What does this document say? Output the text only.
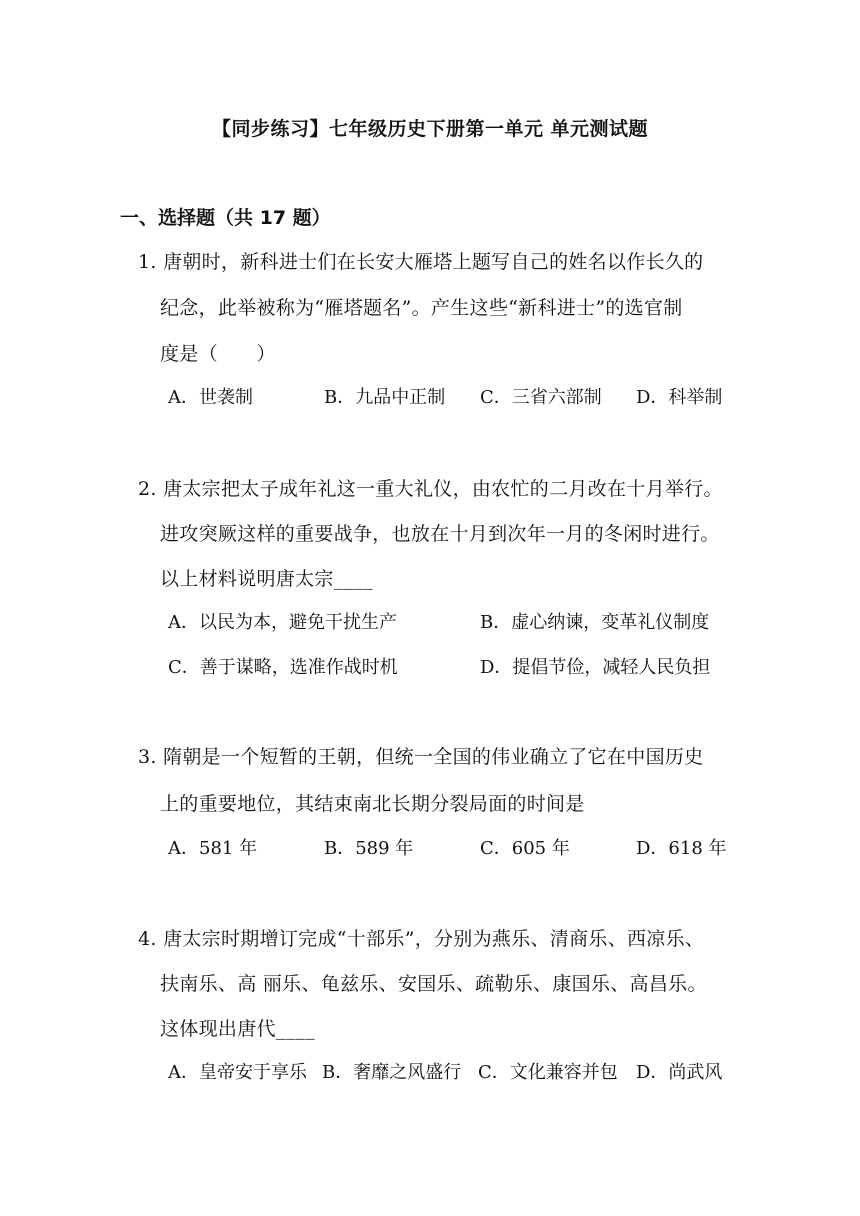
【同步练习】七年级历史下册第一单元 单元测试题
一、选择题（共 17 题）
1. 唐朝时，新科进士们在长安大雁塔上题写自己的姓名以作长久的
纪念，此举被称为“雁塔题名”。产生这些“新科进士”的选官制
度是（　　）
A．世袭制	B．九品中正制 C．三省六部制 D．科举制
2. 唐太宗把太子成年礼这一重大礼仪，由农忙的二月改在十月举行。
进攻突厥这样的重要战争，也放在十月到次年一月的冬闲时进行。
以上材料说明唐太宗____
A．以民为本，避免干扰生产	B．虚心纳谏，变革礼仪制度
C．善于谋略，选准作战时机	D．提倡节俭，减轻人民负担
3. 隋朝是一个短暂的王朝，但统一全国的伟业确立了它在中国历史
上的重要地位，其结束南北长期分裂局面的时间是
A．581 年	B．589 年	C．605 年	D．618 年
4. 唐太宗时期增订完成“十部乐”，分别为燕乐、清商乐、西凉乐、
扶南乐、高 丽乐、龟兹乐、安国乐、疏勒乐、康国乐、高昌乐。
这体现出唐代____
A．皇帝安于享乐 B．奢靡之风盛行 C．文化兼容并包 D．尚武风
